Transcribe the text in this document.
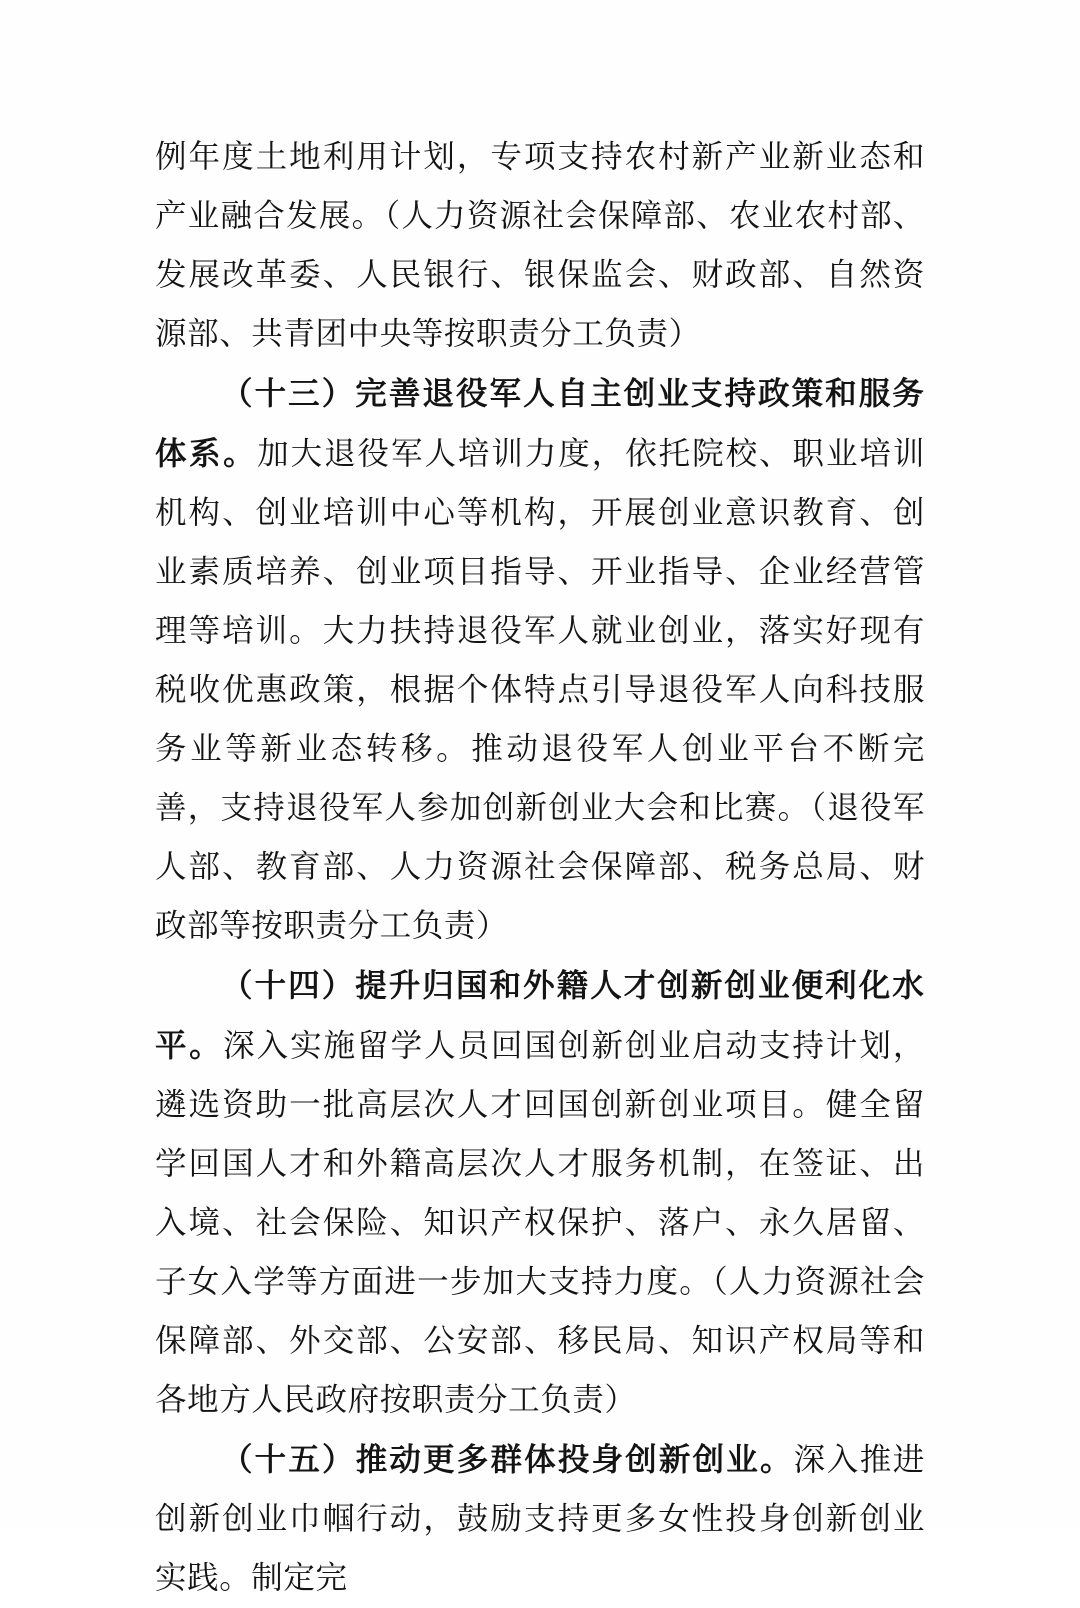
例年度土地利用计划，专项支持农村新产业新业态和产业融合发展。（人力资源社会保障部、农业农村部、发展改革委、人民银行、银保监会、财政部、自然资源部、共青团中央等按职责分工负责）

（十三）完善退役军人自主创业支持政策和服务体系。加大退役军人培训力度，依托院校、职业培训机构、创业培训中心等机构，开展创业意识教育、创业素质培养、创业项目指导、开业指导、企业经营管理等培训。大力扶持退役军人就业创业，落实好现有税收优惠政策，根据个体特点引导退役军人向科技服务业等新业态转移。推动退役军人创业平台不断完善，支持退役军人参加创新创业大会和比赛。（退役军人部、教育部、人力资源社会保障部、税务总局、财政部等按职责分工负责）

（十四）提升归国和外籍人才创新创业便利化水平。深入实施留学人员回国创新创业启动支持计划，遴选资助一批高层次人才回国创新创业项目。健全留学回国人才和外籍高层次人才服务机制，在签证、出入境、社会保险、知识产权保护、落户、永久居留、子女入学等方面进一步加大支持力度。（人力资源社会保障部、外交部、公安部、移民局、知识产权局等和各地方人民政府按职责分工负责）

（十五）推动更多群体投身创新创业。深入推进创新创业巾帼行动，鼓励支持更多女性投身创新创业实践。制定完
